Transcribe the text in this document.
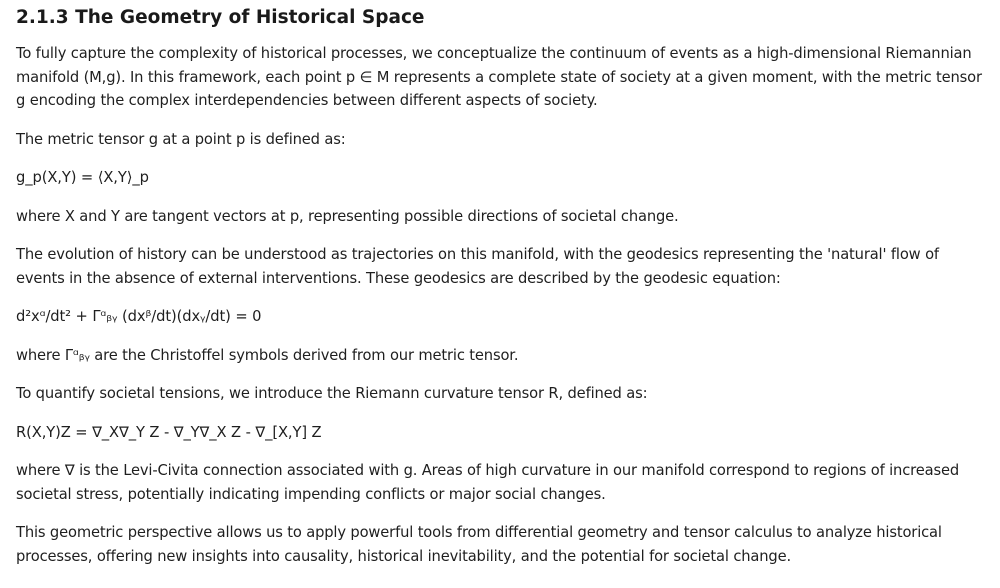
2.1.3 The Geometry of Historical Space

To fully capture the complexity of historical processes, we conceptualize the continuum of events as a high-dimensional Riemannian manifold (M,g). In this framework, each point p ∈ M represents a complete state of society at a given moment, with the metric tensor g encoding the complex interdependencies between different aspects of society.

The metric tensor g at a point p is defined as:

g_p(X,Y) = ⟨X,Y⟩_p

where X and Y are tangent vectors at p, representing possible directions of societal change.

The evolution of history can be understood as trajectories on this manifold, with the geodesics representing the 'natural' flow of events in the absence of external interventions. These geodesics are described by the geodesic equation:

d²xᵅ/dt² + Γᵅᵦᵧ (dxᵝ/dt)(dxᵧ/dt) = 0

where Γᵅᵦᵧ are the Christoffel symbols derived from our metric tensor.

To quantify societal tensions, we introduce the Riemann curvature tensor R, defined as:

R(X,Y)Z = ∇_X∇_Y Z - ∇_Y∇_X Z - ∇_[X,Y] Z

where ∇ is the Levi-Civita connection associated with g. Areas of high curvature in our manifold correspond to regions of increased societal stress, potentially indicating impending conflicts or major social changes.

This geometric perspective allows us to apply powerful tools from differential geometry and tensor calculus to analyze historical processes, offering new insights into causality, historical inevitability, and the potential for societal change.
